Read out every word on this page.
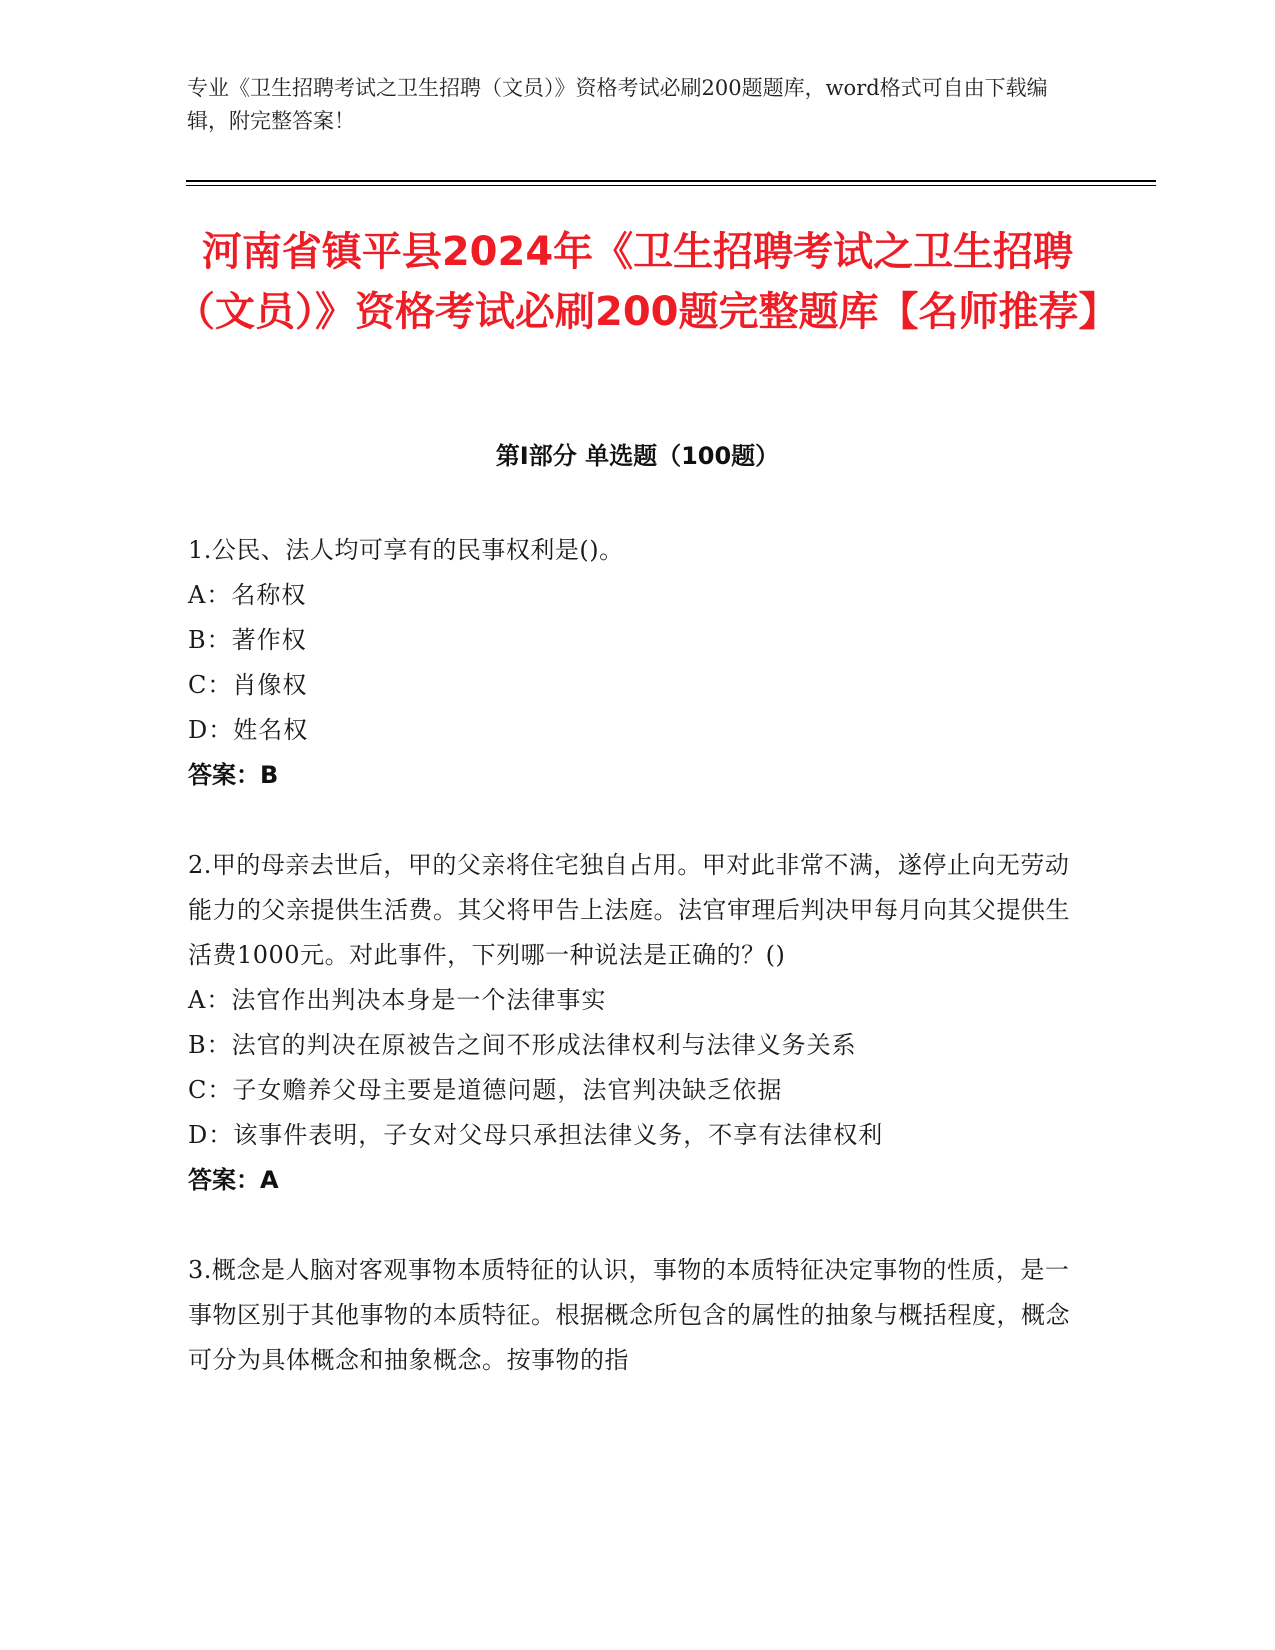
专业《卫生招聘考试之卫生招聘（文员）》资格考试必刷200题题库，word格式可自由下载编辑，附完整答案！

河南省镇平县2024年《卫生招聘考试之卫生招聘（文员）》资格考试必刷200题完整题库【名师推荐】
第I部分 单选题（100题）

1.公民、法人均可享有的民事权利是()。

A：名称权

B：著作权

C：肖像权

D：姓名权

答案：B

2.甲的母亲去世后，甲的父亲将住宅独自占用。甲对此非常不满，遂停止向无劳动能力的父亲提供生活费。其父将甲告上法庭。法官审理后判决甲每月向其父提供生活费1000元。对此事件，下列哪一种说法是正确的？()

A：法官作出判决本身是一个法律事实

B：法官的判决在原被告之间不形成法律权利与法律义务关系

C：子女赡养父母主要是道德问题，法官判决缺乏依据

D：该事件表明，子女对父母只承担法律义务，不享有法律权利

答案：A

3.概念是人脑对客观事物本质特征的认识，事物的本质特征决定事物的性质，是一事物区别于其他事物的本质特征。根据概念所包含的属性的抽象与概括程度，概念可分为具体概念和抽象概念。按事物的指
